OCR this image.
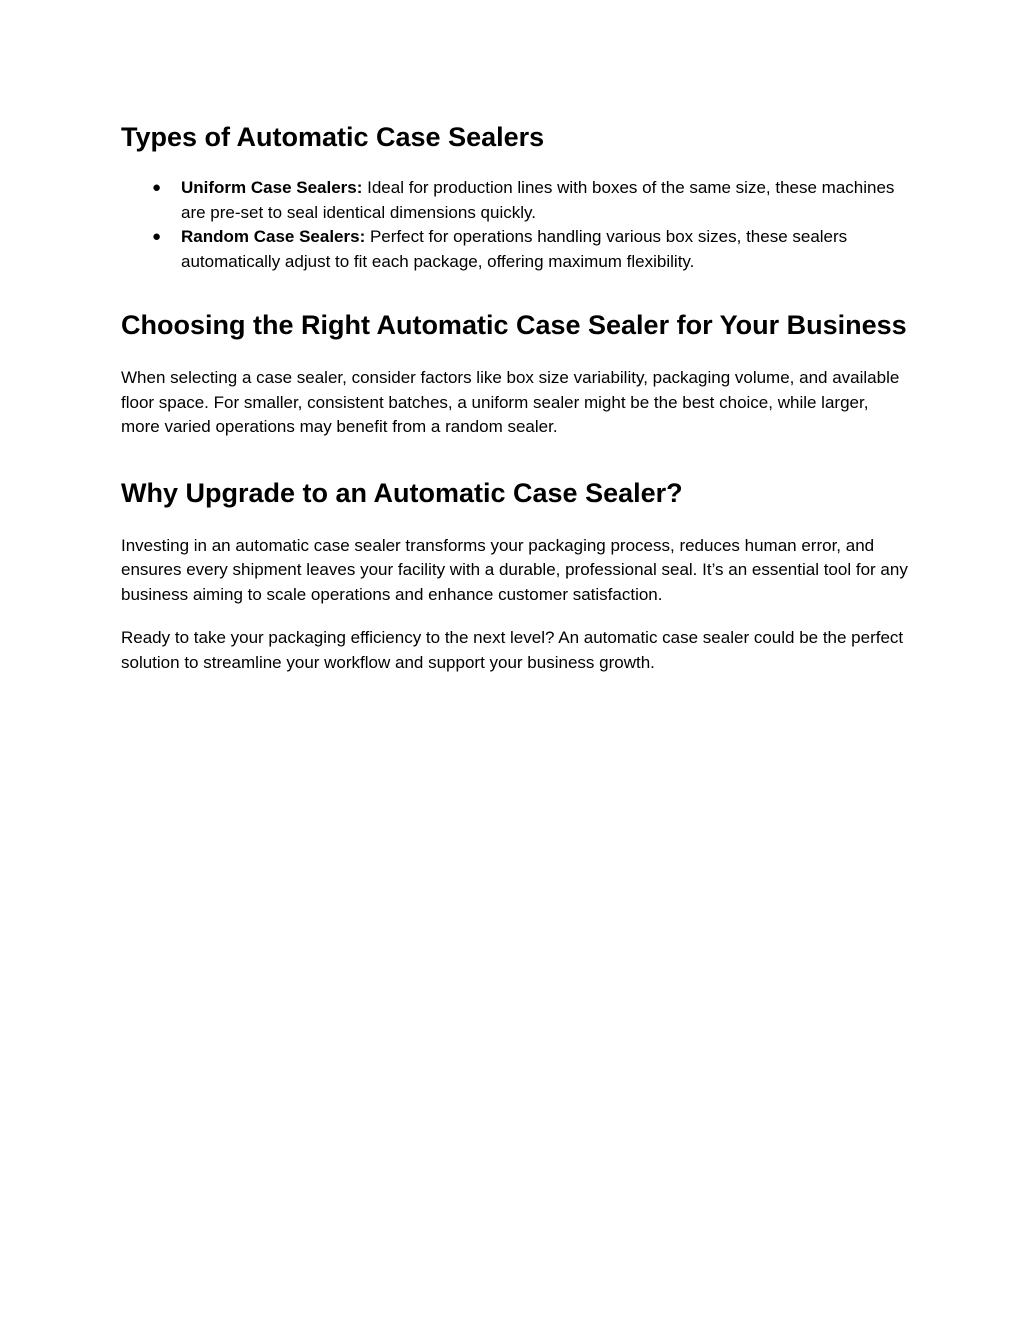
Types of Automatic Case Sealers
● Uniform Case Sealers: Ideal for production lines with boxes of the same size, these machines are pre-set to seal identical dimensions quickly.
● Random Case Sealers: Perfect for operations handling various box sizes, these sealers automatically adjust to fit each package, offering maximum flexibility.
Choosing the Right Automatic Case Sealer for Your Business

When selecting a case sealer, consider factors like box size variability, packaging volume, and available floor space. For smaller, consistent batches, a uniform sealer might be the best choice, while larger, more varied operations may benefit from a random sealer.

Why Upgrade to an Automatic Case Sealer?

Investing in an automatic case sealer transforms your packaging process, reduces human error, and ensures every shipment leaves your facility with a durable, professional seal. It’s an essential tool for any business aiming to scale operations and enhance customer satisfaction.

Ready to take your packaging efficiency to the next level? An automatic case sealer could be the perfect solution to streamline your workflow and support your business growth.
